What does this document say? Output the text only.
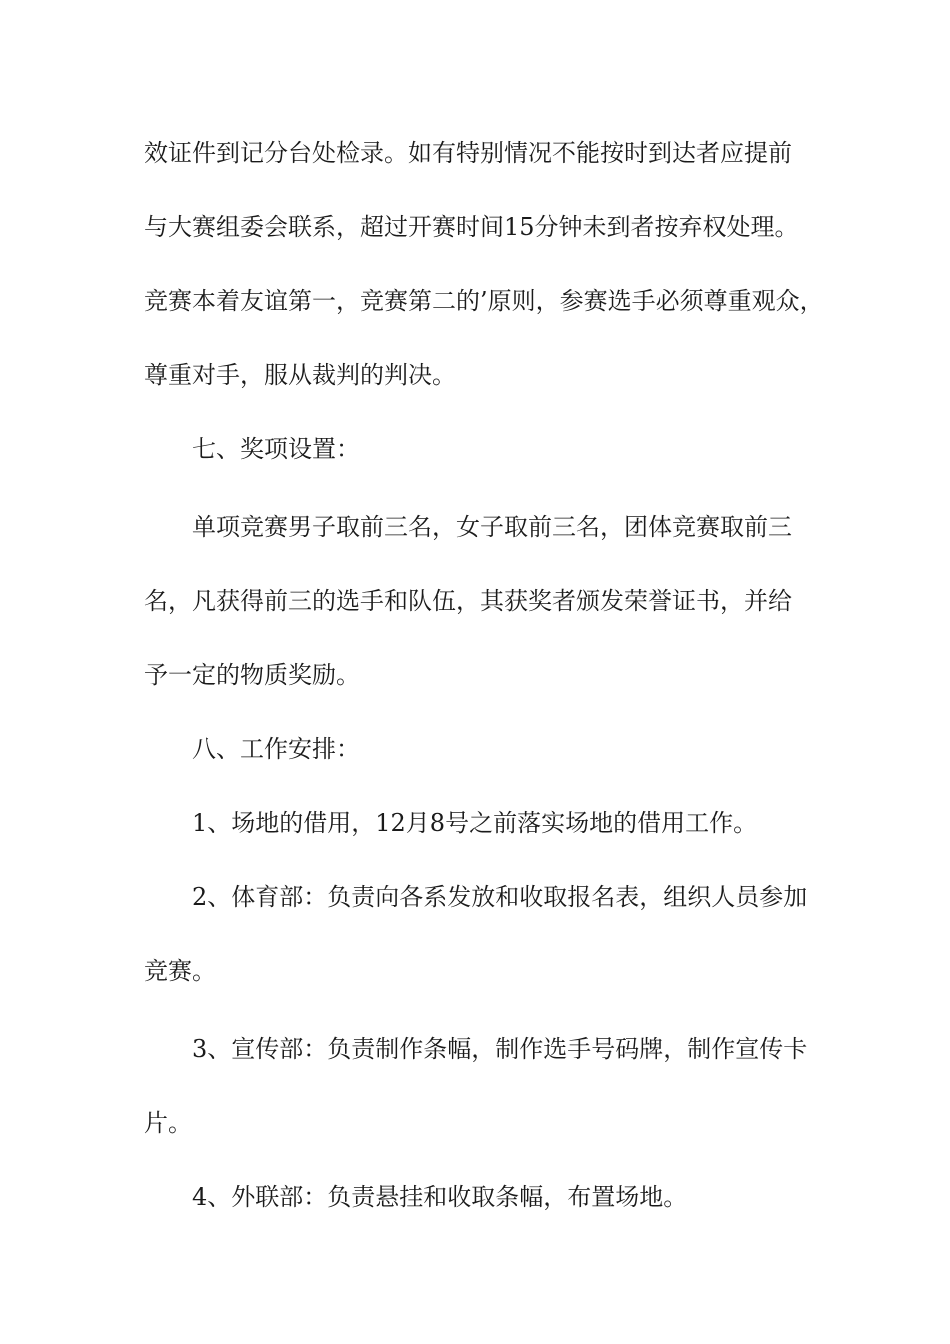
效证件到记分台处检录。如有特别情况不能按时到达者应提前
与大赛组委会联系，超过开赛时间15分钟未到者按弃权处理。
竞赛本着友谊第一，竞赛第二的’原则，参赛选手必须尊重观众，
尊重对手，服从裁判的判决。
七、奖项设置：
单项竞赛男子取前三名，女子取前三名，团体竞赛取前三
名，凡获得前三的选手和队伍，其获奖者颁发荣誉证书，并给
予一定的物质奖励。
八、工作安排：
1、场地的借用，12月8号之前落实场地的借用工作。
2、体育部：负责向各系发放和收取报名表，组织人员参加
竞赛。
3、宣传部：负责制作条幅，制作选手号码牌，制作宣传卡
片。
4、外联部：负责悬挂和收取条幅，布置场地。
